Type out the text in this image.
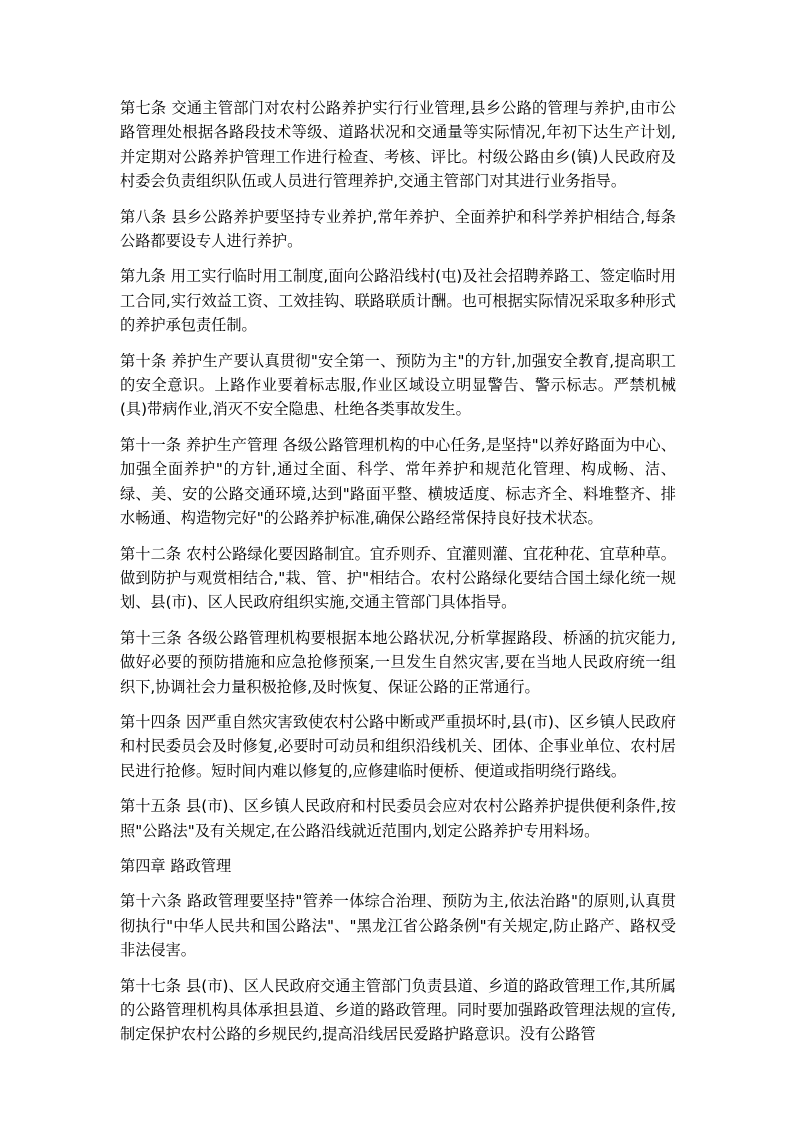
第七条 交通主管部门对农村公路养护实行行业管理,县乡公路的管理与养护,由市公路管理处根据各路段技术等级、道路状况和交通量等实际情况,年初下达生产计划,并定期对公路养护管理工作进行检查、考核、评比。村级公路由乡(镇)人民政府及村委会负责组织队伍或人员进行管理养护,交通主管部门对其进行业务指导。

第八条 县乡公路养护要坚持专业养护,常年养护、全面养护和科学养护相结合,每条公路都要设专人进行养护。

第九条 用工实行临时用工制度,面向公路沿线村(屯)及社会招聘养路工、签定临时用工合同,实行效益工资、工效挂钩、联路联质计酬。也可根据实际情况采取多种形式的养护承包责任制。

第十条 养护生产要认真贯彻"安全第一、预防为主"的方针,加强安全教育,提高职工的安全意识。上路作业要着标志服,作业区域设立明显警告、警示标志。严禁机械(具)带病作业,消灭不安全隐患、杜绝各类事故发生。

第十一条 养护生产管理 各级公路管理机构的中心任务,是坚持"以养好路面为中心、加强全面养护"的方针,通过全面、科学、常年养护和规范化管理、构成畅、洁、绿、美、安的公路交通环境,达到"路面平整、横坡适度、标志齐全、料堆整齐、排水畅通、构造物完好"的公路养护标准,确保公路经常保持良好技术状态。

第十二条 农村公路绿化要因路制宜。宜乔则乔、宜灌则灌、宜花种花、宜草种草。做到防护与观赏相结合,"栽、管、护"相结合。农村公路绿化要结合国土绿化统一规划、县(市)、区人民政府组织实施,交通主管部门具体指导。

第十三条 各级公路管理机构要根据本地公路状况,分析掌握路段、桥涵的抗灾能力,做好必要的预防措施和应急抢修预案,一旦发生自然灾害,要在当地人民政府统一组织下,协调社会力量积极抢修,及时恢复、保证公路的正常通行。

第十四条 因严重自然灾害致使农村公路中断或严重损坏时,县(市)、区乡镇人民政府和村民委员会及时修复,必要时可动员和组织沿线机关、团体、企事业单位、农村居民进行抢修。短时间内难以修复的,应修建临时便桥、便道或指明绕行路线。

第十五条 县(市)、区乡镇人民政府和村民委员会应对农村公路养护提供便利条件,按照"公路法"及有关规定,在公路沿线就近范围内,划定公路养护专用料场。

第四章 路政管理

第十六条 路政管理要坚持"管养一体综合治理、预防为主,依法治路"的原则,认真贯彻执行"中华人民共和国公路法"、"黑龙江省公路条例"有关规定,防止路产、路权受非法侵害。

第十七条 县(市)、区人民政府交通主管部门负责县道、乡道的路政管理工作,其所属的公路管理机构具体承担县道、乡道的路政管理。同时要加强路政管理法规的宣传,制定保护农村公路的乡规民约,提高沿线居民爱路护路意识。没有公路管
